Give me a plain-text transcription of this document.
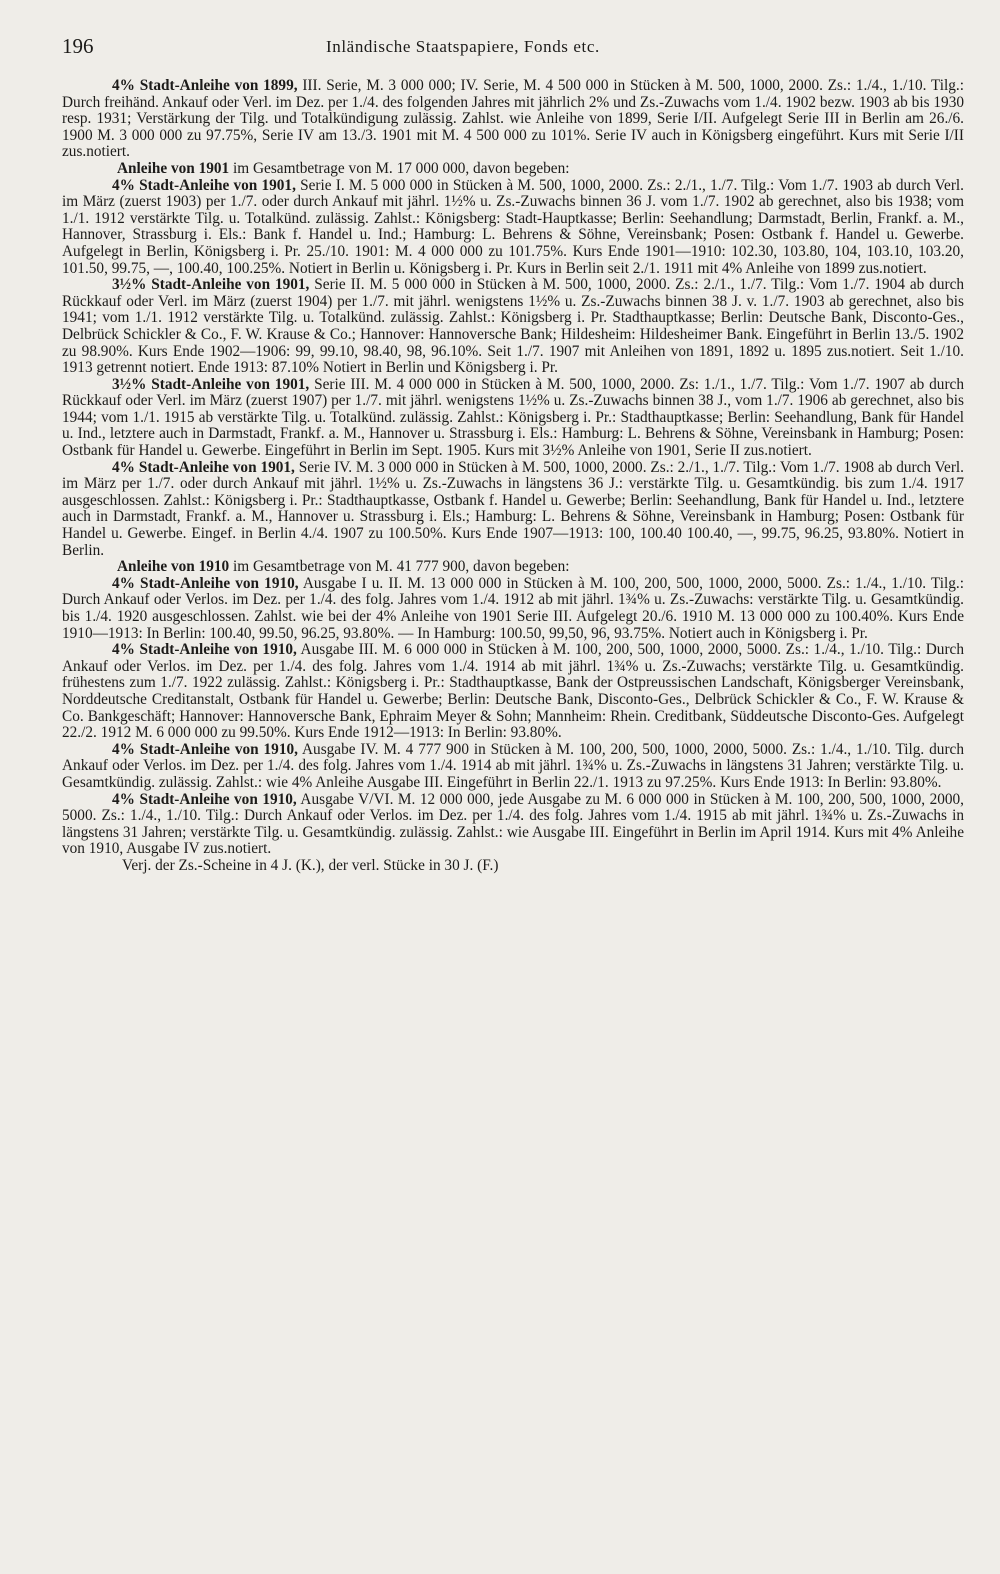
196	Inländische Staatspapiere, Fonds etc.

4% Stadt-Anleihe von 1899, III. Serie, M. 3 000 000; IV. Serie, M. 4 500 000 in Stücken à M. 500, 1000, 2000. Zs.: 1./4., 1./10. Tilg.: Durch freihänd. Ankauf oder Verl. im Dez. per 1./4. des folgenden Jahres mit jährlich 2% und Zs.-Zuwachs vom 1./4. 1902 bezw. 1903 ab bis 1930 resp. 1931; Verstärkung der Tilg. und Totalkündigung zulässig. Zahlst. wie Anleihe von 1899, Serie I/II. Aufgelegt Serie III in Berlin am 26./6. 1900 M. 3 000 000 zu 97.75%, Serie IV am 13./3. 1901 mit M. 4 500 000 zu 101%. Serie IV auch in Königsberg eingeführt. Kurs mit Serie I/II zus.notiert.

Anleihe von 1901 im Gesamtbetrage von M. 17 000 000, davon begeben:

4% Stadt-Anleihe von 1901, Serie I. M. 5 000 000 in Stücken à M. 500, 1000, 2000. Zs.: 2./1., 1./7. Tilg.: Vom 1./7. 1903 ab durch Verl. im März (zuerst 1903) per 1./7. oder durch Ankauf mit jährl. 1½% u. Zs.-Zuwachs binnen 36 J. vom 1./7. 1902 ab gerechnet, also bis 1938; vom 1./1. 1912 verstärkte Tilg. u. Totalkünd. zulässig. Zahlst.: Königsberg: Stadt-Hauptkasse; Berlin: Seehandlung; Darmstadt, Berlin, Frankf. a. M., Hannover, Strassburg i. Els.: Bank f. Handel u. Ind.; Hamburg: L. Behrens & Söhne, Vereinsbank; Posen: Ostbank f. Handel u. Gewerbe. Aufgelegt in Berlin, Königsberg i. Pr. 25./10. 1901: M. 4 000 000 zu 101.75%. Kurs Ende 1901—1910: 102.30, 103.80, 104, 103.10, 103.20, 101.50, 99.75, —, 100.40, 100.25%. Notiert in Berlin u. Königsberg i. Pr. Kurs in Berlin seit 2./1. 1911 mit 4% Anleihe von 1899 zus.notiert.

3½% Stadt-Anleihe von 1901, Serie II. M. 5 000 000 in Stücken à M. 500, 1000, 2000. Zs.: 2./1., 1./7. Tilg.: Vom 1./7. 1904 ab durch Rückkauf oder Verl. im März (zuerst 1904) per 1./7. mit jährl. wenigstens 1½% u. Zs.-Zuwachs binnen 38 J. v. 1./7. 1903 ab gerechnet, also bis 1941; vom 1./1. 1912 verstärkte Tilg. u. Totalkünd. zulässig. Zahlst.: Königsberg i. Pr. Stadthauptkasse; Berlin: Deutsche Bank, Disconto-Ges., Delbrück Schickler & Co., F. W. Krause & Co.; Hannover: Hannoversche Bank; Hildesheim: Hildesheimer Bank. Eingeführt in Berlin 13./5. 1902 zu 98.90%. Kurs Ende 1902—1906: 99, 99.10, 98.40, 98, 96.10%. Seit 1./7. 1907 mit Anleihen von 1891, 1892 u. 1895 zus.notiert. Seit 1./10. 1913 getrennt notiert. Ende 1913: 87.10% Notiert in Berlin und Königsberg i. Pr.

3½% Stadt-Anleihe von 1901, Serie III. M. 4 000 000 in Stücken à M. 500, 1000, 2000. Zs: 1./1., 1./7. Tilg.: Vom 1./7. 1907 ab durch Rückkauf oder Verl. im März (zuerst 1907) per 1./7. mit jährl. wenigstens 1½% u. Zs.-Zuwachs binnen 38 J., vom 1./7. 1906 ab gerechnet, also bis 1944; vom 1./1. 1915 ab verstärkte Tilg. u. Totalkünd. zulässig. Zahlst.: Königsberg i. Pr.: Stadthauptkasse; Berlin: Seehandlung, Bank für Handel u. Ind., letztere auch in Darmstadt, Frankf. a. M., Hannover u. Strassburg i. Els.: Hamburg: L. Behrens & Söhne, Vereinsbank in Hamburg; Posen: Ostbank für Handel u. Gewerbe. Eingeführt in Berlin im Sept. 1905. Kurs mit 3½% Anleihe von 1901, Serie II zus.notiert.

4% Stadt-Anleihe von 1901, Serie IV. M. 3 000 000 in Stücken à M. 500, 1000, 2000. Zs.: 2./1., 1./7. Tilg.: Vom 1./7. 1908 ab durch Verl. im März per 1./7. oder durch Ankauf mit jährl. 1½% u. Zs.-Zuwachs in längstens 36 J.: verstärkte Tilg. u. Gesamtkündig. bis zum 1./4. 1917 ausgeschlossen. Zahlst.: Königsberg i. Pr.: Stadthauptkasse, Ostbank f. Handel u. Gewerbe; Berlin: Seehandlung, Bank für Handel u. Ind., letztere auch in Darmstadt, Frankf. a. M., Hannover u. Strassburg i. Els.; Hamburg: L. Behrens & Söhne, Vereinsbank in Hamburg; Posen: Ostbank für Handel u. Gewerbe. Eingef. in Berlin 4./4. 1907 zu 100.50%. Kurs Ende 1907—1913: 100, 100.40 100.40, —, 99.75, 96.25, 93.80%. Notiert in Berlin.

Anleihe von 1910 im Gesamtbetrage von M. 41 777 900, davon begeben:

4% Stadt-Anleihe von 1910, Ausgabe I u. II. M. 13 000 000 in Stücken à M. 100, 200, 500, 1000, 2000, 5000. Zs.: 1./4., 1./10. Tilg.: Durch Ankauf oder Verlos. im Dez. per 1./4. des folg. Jahres vom 1./4. 1912 ab mit jährl. 1¾% u. Zs.-Zuwachs: verstärkte Tilg. u. Gesamtkündig. bis 1./4. 1920 ausgeschlossen. Zahlst. wie bei der 4% Anleihe von 1901 Serie III. Aufgelegt 20./6. 1910 M. 13 000 000 zu 100.40%. Kurs Ende 1910—1913: In Berlin: 100.40, 99.50, 96.25, 93.80%. — In Hamburg: 100.50, 99,50, 96, 93.75%. Notiert auch in Königsberg i. Pr.

4% Stadt-Anleihe von 1910, Ausgabe III. M. 6 000 000 in Stücken à M. 100, 200, 500, 1000, 2000, 5000. Zs.: 1./4., 1./10. Tilg.: Durch Ankauf oder Verlos. im Dez. per 1./4. des folg. Jahres vom 1./4. 1914 ab mit jährl. 1¾% u. Zs.-Zuwachs; verstärkte Tilg. u. Gesamtkündig. frühestens zum 1./7. 1922 zulässig. Zahlst.: Königsberg i. Pr.: Stadthauptkasse, Bank der Ostpreussischen Landschaft, Königsberger Vereinsbank, Norddeutsche Creditanstalt, Ostbank für Handel u. Gewerbe; Berlin: Deutsche Bank, Disconto-Ges., Delbrück Schickler & Co., F. W. Krause & Co. Bankgeschäft; Hannover: Hannoversche Bank, Ephraim Meyer & Sohn; Mannheim: Rhein. Creditbank, Süddeutsche Disconto-Ges. Aufgelegt 22./2. 1912 M. 6 000 000 zu 99.50%. Kurs Ende 1912—1913: In Berlin: 93.80%.

4% Stadt-Anleihe von 1910, Ausgabe IV. M. 4 777 900 in Stücken à M. 100, 200, 500, 1000, 2000, 5000. Zs.: 1./4., 1./10. Tilg. durch Ankauf oder Verlos. im Dez. per 1./4. des folg. Jahres vom 1./4. 1914 ab mit jährl. 1¾% u. Zs.-Zuwachs in längstens 31 Jahren; verstärkte Tilg. u. Gesamtkündig. zulässig. Zahlst.: wie 4% Anleihe Ausgabe III. Eingeführt in Berlin 22./1. 1913 zu 97.25%. Kurs Ende 1913: In Berlin: 93.80%.

4% Stadt-Anleihe von 1910, Ausgabe V/VI. M. 12 000 000, jede Ausgabe zu M. 6 000 000 in Stücken à M. 100, 200, 500, 1000, 2000, 5000. Zs.: 1./4., 1./10. Tilg.: Durch Ankauf oder Verlos. im Dez. per 1./4. des folg. Jahres vom 1./4. 1915 ab mit jährl. 1¾% u. Zs.-Zuwachs in längstens 31 Jahren; verstärkte Tilg. u. Gesamtkündig. zulässig. Zahlst.: wie Ausgabe III. Eingeführt in Berlin im April 1914. Kurs mit 4% Anleihe von 1910, Ausgabe IV zus.notiert.

Verj. der Zs.-Scheine in 4 J. (K.), der verl. Stücke in 30 J. (F.)
